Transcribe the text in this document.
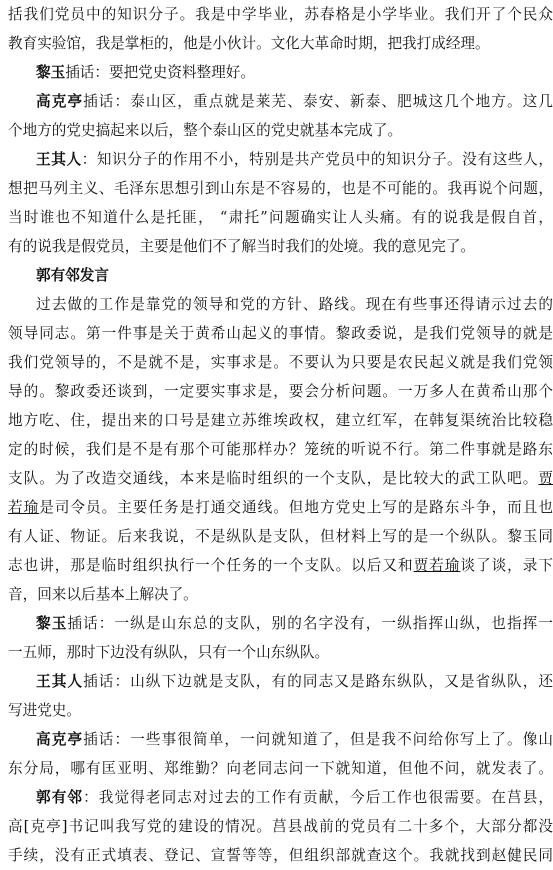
括我们党员中的知识分子。我是中学毕业，苏春格是小学毕业。我们开了个民众
教育实验馆，我是掌柜的，他是小伙计。文化大革命时期，把我打成经理。
黎玉插话：要把党史资料整理好。
高克亭插话：泰山区，重点就是莱芜、泰安、新泰、肥城这几个地方。这几
个地方的党史搞起来以后，整个泰山区的党史就基本完成了。
王其人：知识分子的作用不小，特别是共产党员中的知识分子。没有这些人，
想把马列主义、毛泽东思想引到山东是不容易的，也是不可能的。我再说个问题，
当时谁也不知道什么是托匪， “肃托”问题确实让人头痛。有的说我是假自首，
有的说我是假党员，主要是他们不了解当时我们的处境。我的意见完了。
郭有邻发言
过去做的工作是靠党的领导和党的方针、路线。现在有些事还得请示过去的
领导同志。第一件事是关于黄希山起义的事情。黎政委说，是我们党领导的就是
我们党领导的，不是就不是，实事求是。不要认为只要是农民起义就是我们党领
导的。黎政委还谈到，一定要实事求是，要会分析问题。一万多人在黄希山那个
地方吃、住，提出来的口号是建立苏维埃政权，建立红军，在韩复渠统治比较稳
定的时候，我们是不是有那个可能那样办？笼统的听说不行。第二件事就是路东
支队。为了改造交通线，本来是临时组织的一个支队，是比较大的武工队吧。贾
若瑜是司令员。主要任务是打通交通线。但地方党史上写的是路东斗争，而且也
有人证、物证。后来我说，不是纵队是支队，但材料上写的是一个纵队。黎玉同
志也讲，那是临时组织执行一个任务的一个支队。以后又和贾若瑜谈了谈，录下
音，回来以后基本上解决了。
黎玉插话：一纵是山东总的支队，别的名字没有，一纵指挥山纵，也指挥一
一五师，那时下边没有纵队，只有一个山东纵队。
王其人插话：山纵下边就是支队，有的同志又是路东纵队，又是省纵队，还
写进党史。
高克亭插话：一些事很简单，一问就知道了，但是我不问给你写上了。像山
东分局，哪有匡亚明、郑维勤？向老同志问一下就知道，但他不问，就发表了。
郭有邻：我觉得老同志对过去的工作有贡献，今后工作也很需要。在莒县，
高[克亭]书记叫我写党的建设的情况。莒县战前的党员有二十多个，大部分都没
手续，没有正式填表、登记、宣誓等等，但组织部就查这个。我就找到赵健民同
